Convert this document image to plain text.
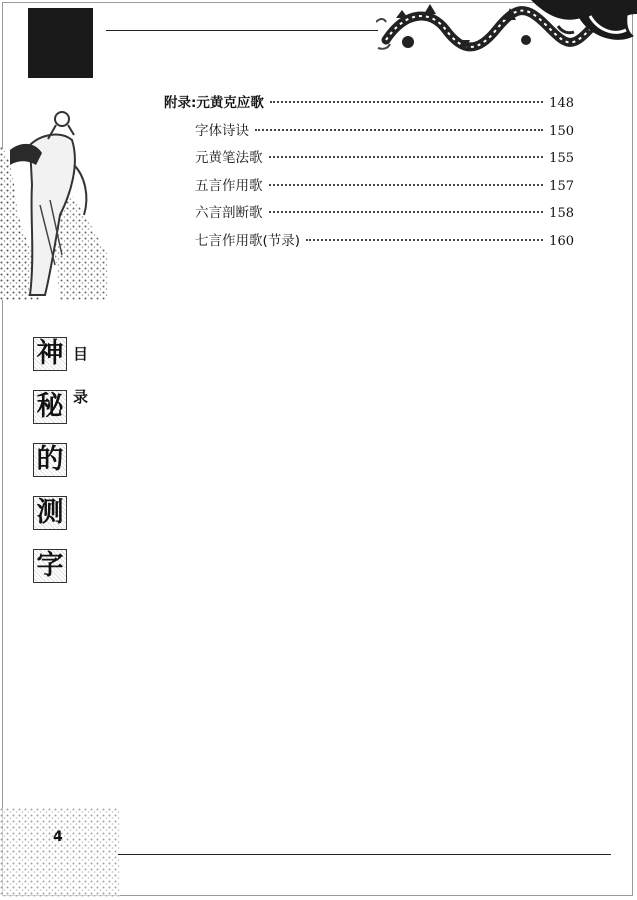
神
秘
的
测
字
目
录
附录:元黄克应歌	148
字体诗诀	150
元黄笔法歌	155
五言作用歌	157
六言剖断歌	158
七言作用歌(节录)	160
4
